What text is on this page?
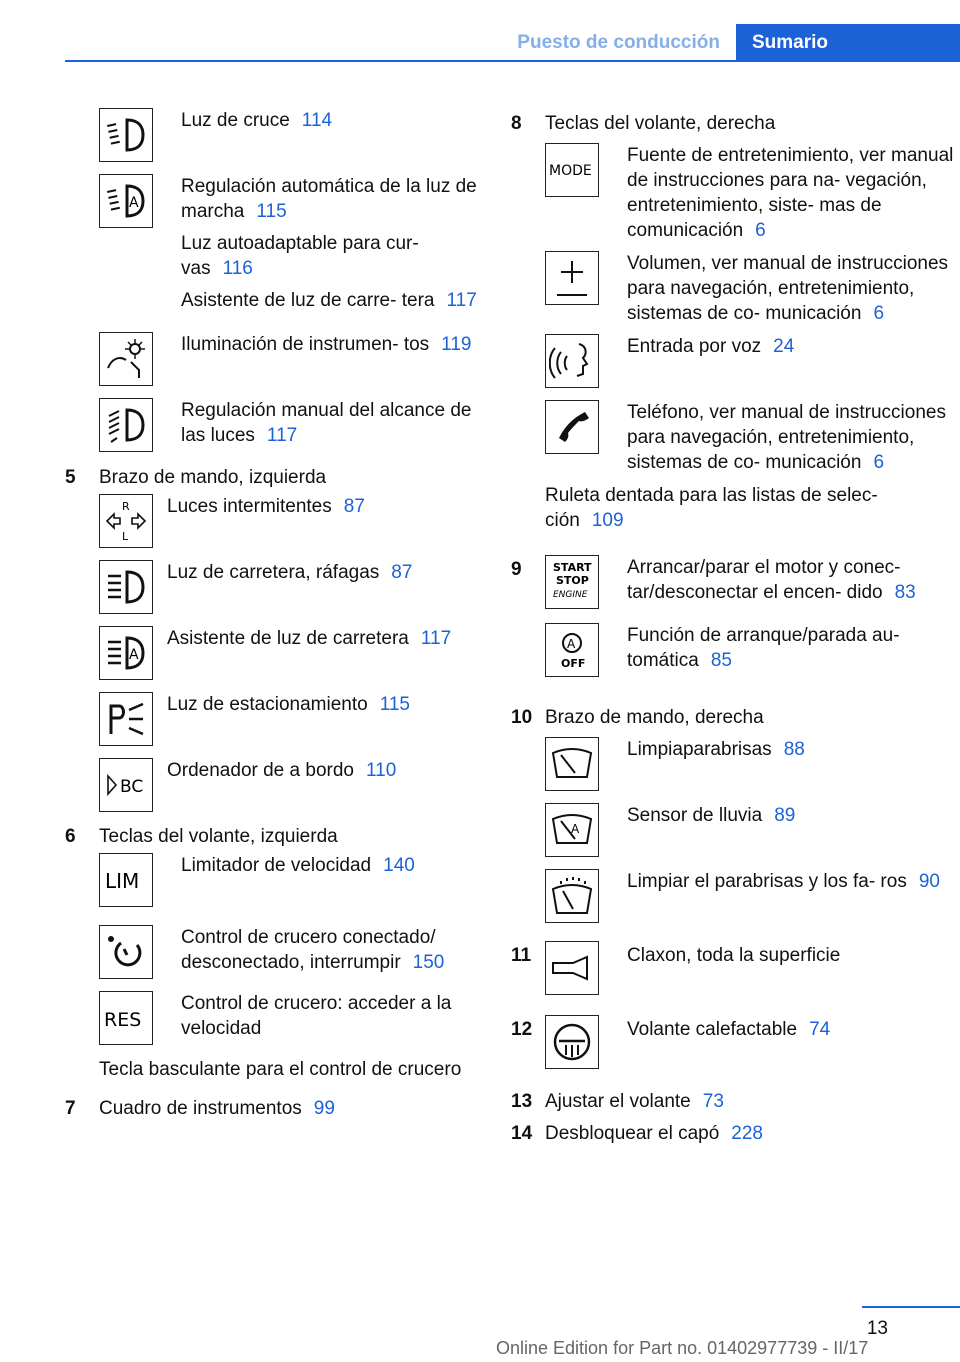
Puesto de conducción	Sumario
Luz de cruce 114
A
Regulación automática de la luz de marcha 115
Luz autoadaptable para cur- vas 116
Asistente de luz de carre- tera 117
Iluminación de instrumen- tos 119
Regulación manual del alcance de las luces 117
5	Brazo de mando, izquierda
R
L
Luces intermitentes 87
Luz de carretera, ráfagas 87
A
Asistente de luz de carretera 117
Luz de estacionamiento 115
BC
Ordenador de a bordo 110
6	Teclas del volante, izquierda
LIM
Limitador de velocidad 140
Control de crucero conectado/ desconectado, interrumpir 150
RES
Control de crucero: acceder a la velocidad
Tecla basculante para el control de crucero
7	Cuadro de instrumentos 99
8	Teclas del volante, derecha
MODE
Fuente de entretenimiento, ver manual de instrucciones para na- vegación, entretenimiento, siste- mas de comunicación 6
Volumen, ver manual de instrucciones para navegación, entretenimiento, sistemas de co- municación 6
Entrada por voz 24
Teléfono, ver manual de instrucciones para navegación, entretenimiento, sistemas de co- municación 6
Ruleta dentada para las listas de selec- ción 109
9	START
STOP
ENGINE
Arrancar/parar el motor y conec- tar/desconectar el encen- dido 83
A
OFF
Función de arranque/parada au- tomática 85
10 Brazo de mando, derecha
Limpiaparabrisas 88
A
Sensor de lluvia 89
Limpiar el parabrisas y los fa- ros 90
11	Claxon, toda la superficie
12	Volante calefactable 74
13 Ajustar el volante 73
14 Desbloquear el capó 228
13
Online Edition for Part no. 01402977739 - II/17
